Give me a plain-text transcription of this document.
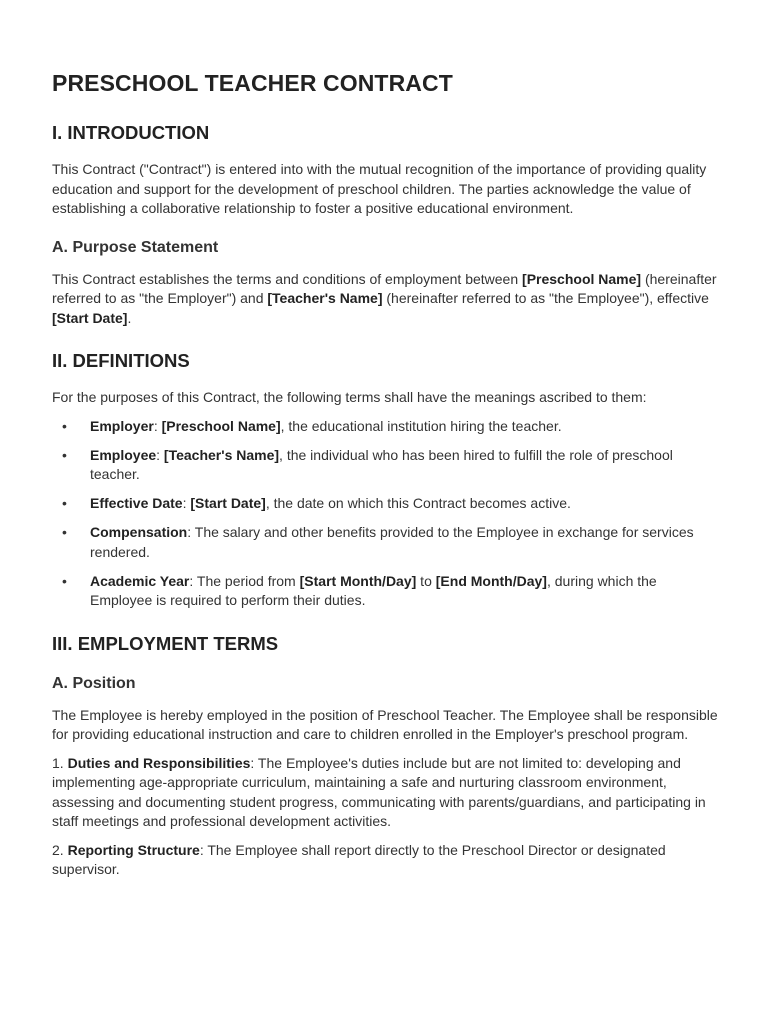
PRESCHOOL TEACHER CONTRACT
I. INTRODUCTION

This Contract ("Contract") is entered into with the mutual recognition of the importance of providing quality education and support for the development of preschool children. The parties acknowledge the value of establishing a collaborative relationship to foster a positive educational environment.

A. Purpose Statement

This Contract establishes the terms and conditions of employment between [Preschool Name] (hereinafter referred to as "the Employer") and [Teacher's Name] (hereinafter referred to as "the Employee"), effective [Start Date].

II. DEFINITIONS

For the purposes of this Contract, the following terms shall have the meanings ascribed to them:

• Employer: [Preschool Name], the educational institution hiring the teacher.
• Employee: [Teacher's Name], the individual who has been hired to fulfill the role of preschool teacher.
• Effective Date: [Start Date], the date on which this Contract becomes active.
• Compensation: The salary and other benefits provided to the Employee in exchange for services rendered.
• Academic Year: The period from [Start Month/Day] to [End Month/Day], during which the Employee is required to perform their duties.
III. EMPLOYMENT TERMS
A. Position

The Employee is hereby employed in the position of Preschool Teacher. The Employee shall be responsible for providing educational instruction and care to children enrolled in the Employer's preschool program.

1. Duties and Responsibilities: The Employee's duties include but are not limited to: developing and implementing age-appropriate curriculum, maintaining a safe and nurturing classroom environment, assessing and documenting student progress, communicating with parents/guardians, and participating in staff meetings and professional development activities.

2. Reporting Structure: The Employee shall report directly to the Preschool Director or designated supervisor.
